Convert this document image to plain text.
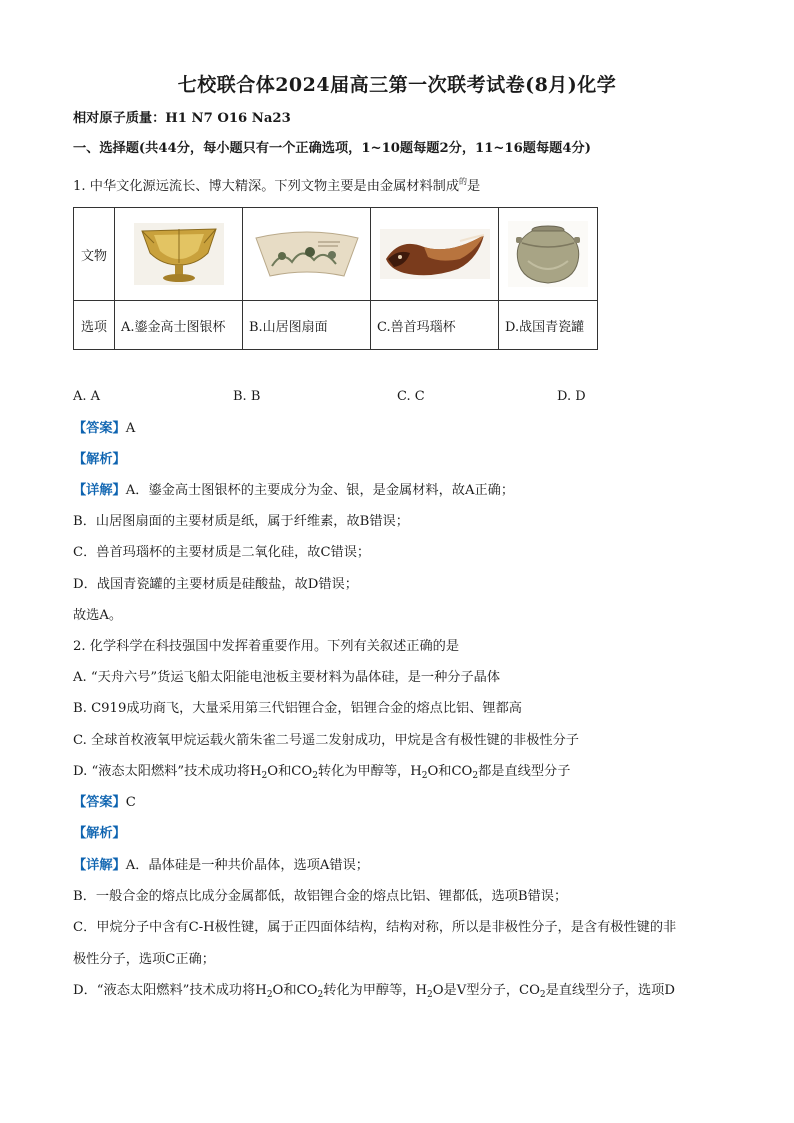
七校联合体2024届高三第一次联考试卷(8月)化学
相对原子质量：H1 N7 O16 Na23
一、选择题(共44分，每小题只有一个正确选项，1~10题每题2分，11~16题每题4分)
1. 中华文化源远流长、博大精深。下列文物主要是由金属材料制成$^的$是
文物	

选项	A.鎏金高士图银杯	B.山居图扇面	C.兽首玛瑙杯	D.战国青瓷罐
A. A	B. B	C. C	D. D
【答案】A
【解析】
【详解】A．鎏金高士图银杯的主要成分为金、银，是金属材料，故A正确；
B．山居图扇面的主要材质是纸，属于纤维素，故B错误；
C．兽首玛瑙杯的主要材质是二氧化硅，故C错误；
D．战国青瓷罐的主要材质是硅酸盐，故D错误；
故选A。
2. 化学科学在科技强国中发挥着重要作用。下列有关叙述正确的是
A. “天舟六号”货运飞船太阳能电池板主要材料为晶体硅，是一种分子晶体
B. C919成功商飞，大量采用第三代铝锂合金，铝锂合金的熔点比铝、锂都高
C. 全球首枚液氧甲烷运载火箭朱雀二号遥二发射成功，甲烷是含有极性键的非极性分子
D. “液态太阳燃料”技术成功将$H_2O$和$CO_2$转化为甲醇等，$H_2O$和$CO_2$都是直线型分子
【答案】C
【解析】
【详解】A．晶体硅是一种共价晶体，选项A错误；
B．一般合金的熔点比成分金属都低，故铝锂合金的熔点比铝、锂都低，选项B错误；
C．甲烷分子中含有C-H极性键，属于正四面体结构，结构对称，所以是非极性分子，是含有极性键的非
极性分子，选项C正确；
D．“液态太阳燃料”技术成功将$H_2O$和$CO_2$转化为甲醇等，$H_2O$是V型分子，$CO_2$是直线型分子，选项D
